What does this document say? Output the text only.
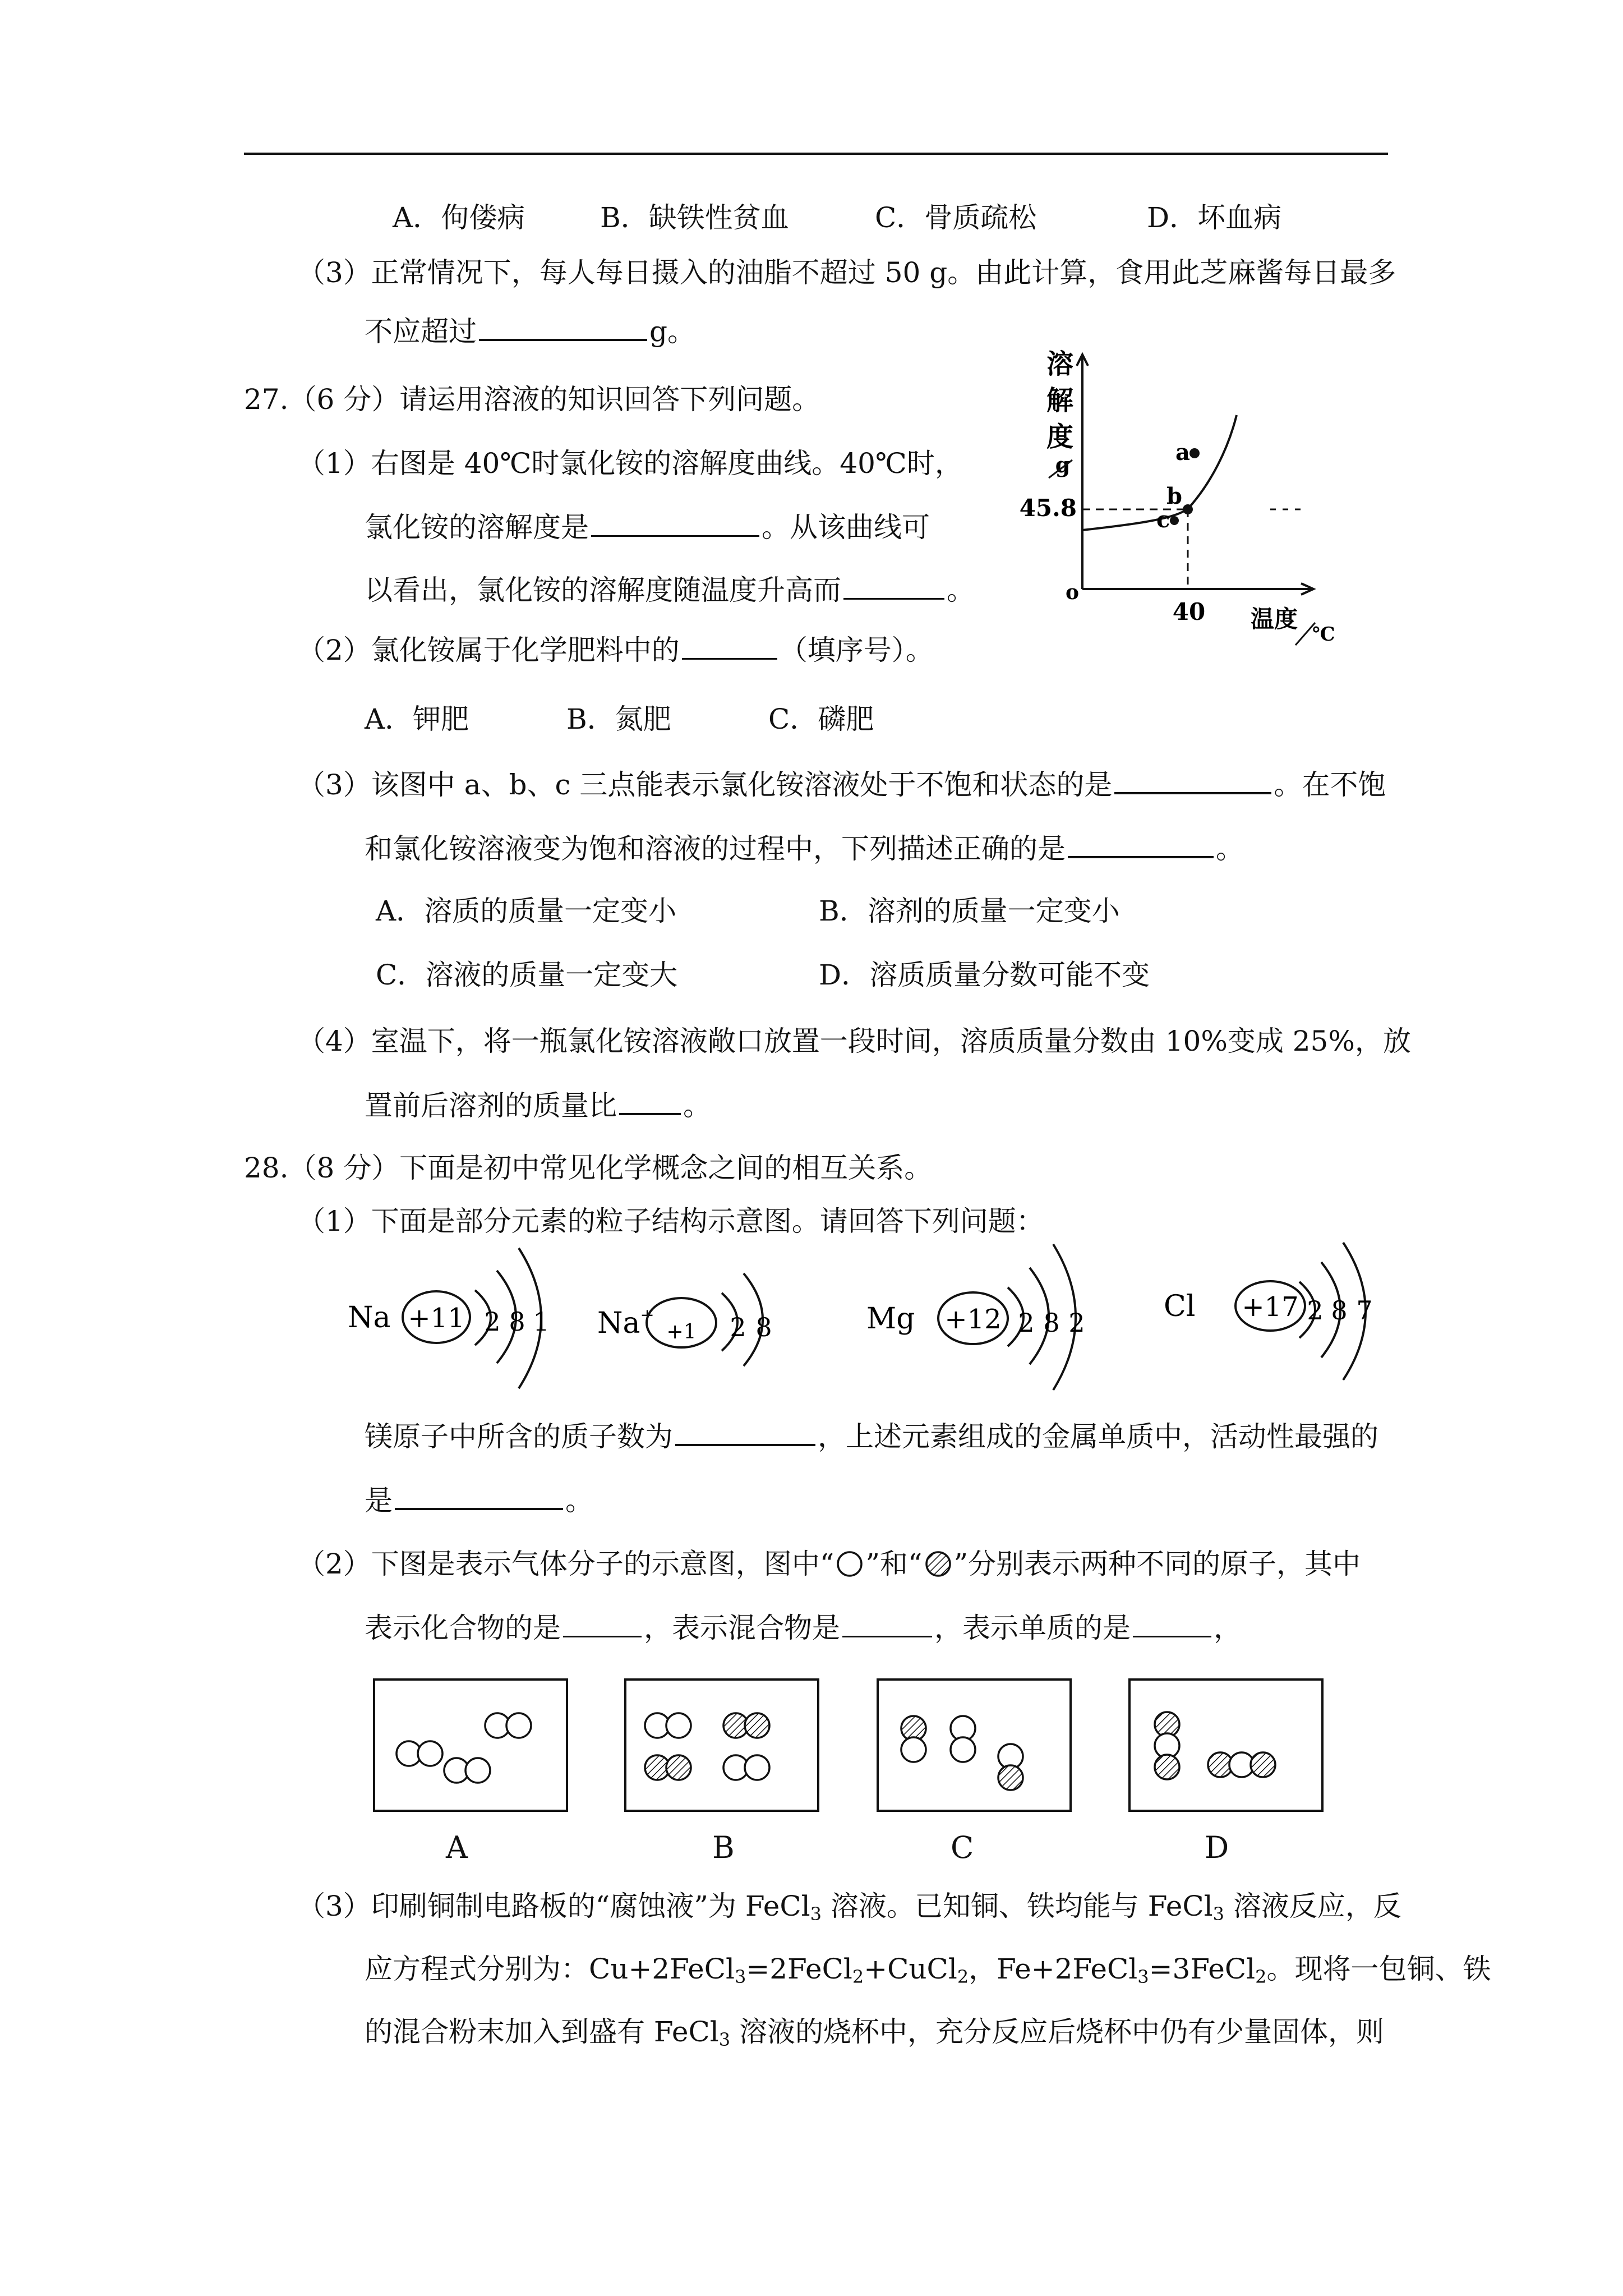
A．佝偻病	B．缺铁性贫血	C．骨质疏松	D．坏血病
（3）正常情况下，每人每日摄入的油脂不超过 50 g。由此计算，食用此芝麻酱每日最多
不应超过	g。
27.（6 分）请运用溶液的知识回答下列问题。
（1）右图是 40℃时氯化铵的溶解度曲线。40℃时，
氯化铵的溶解度是	。从该曲线可
以看出，氯化铵的溶解度随温度升高而	。
溶
解
度
g
o
40
45.8
温度
℃
a
b
c
（2）氯化铵属于化学肥料中的	（填序号）。
A．钾肥	B．氮肥	C．磷肥
（3）该图中 a、b、c 三点能表示氯化铵溶液处于不饱和状态的是	。在不饱
和氯化铵溶液变为饱和溶液的过程中，下列描述正确的是	。
A．溶质的质量一定变小	B．溶剂的质量一定变小
C．溶液的质量一定变大	D．溶质质量分数可能不变
（4）室温下，将一瓶氯化铵溶液敞口放置一段时间，溶质质量分数由 10%变成 25%，放
置前后溶剂的质量比 。
28.（8 分）下面是初中常见化学概念之间的相互关系。
（1）下面是部分元素的粒子结构示意图。请回答下列问题：
Na +11 2 8 1 Na+
+1 2 8	Mg +12 2 8 2	Cl +17 2 8 7
镁原子中所含的质子数为	，上述元素组成的金属单质中，活动性最强的
是	。
（2）下图是表示气体分子的示意图，图中“ ”和“ ”分别表示两种不同的原子，其中
表示化合物的是	，表示混合物是	，表示单质的是	，
A	B	C	D
（3）印刷铜制电路板的“腐蚀液”为 FeCl$_3$ 溶液。已知铜、铁均能与 FeCl$_3$ 溶液反应，反
应方程式分别为：Cu+2FeCl$_3$=2FeCl$_2$+CuCl$_2$，Fe+2FeCl$_3$=3FeCl$_2$。现将一包铜、铁
的混合粉末加入到盛有 FeCl$_3$ 溶液的烧杯中，充分反应后烧杯中仍有少量固体，则
